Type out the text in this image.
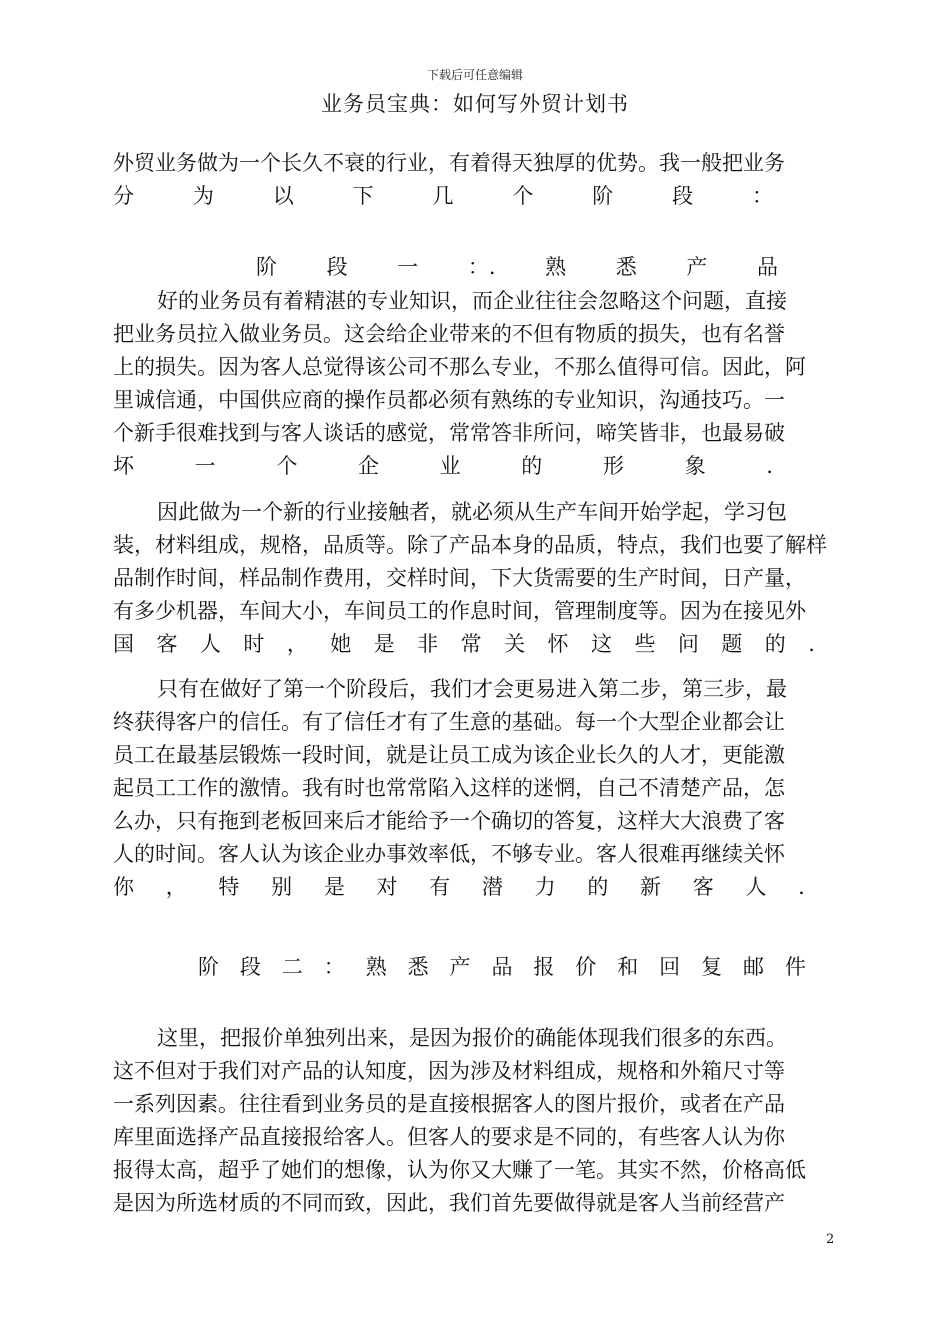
下载后可任意编辑
业务员宝典：如何写外贸计划书
外贸业务做为一个长久不衰的行业，有着得天独厚的优势。我一般把业务
分	为	以	下	几	个	阶	段	：
阶 段 一 ：. 熟 悉 产 品
好的业务员有着精湛的专业知识，而企业往往会忽略这个问题，直接
把业务员拉入做业务员。这会给企业带来的不但有物质的损失，也有名誉
上的损失。因为客人总觉得该公司不那么专业，不那么值得可信。因此，阿
里诚信通，中国供应商的操作员都必须有熟练的专业知识，沟通技巧。一
个新手很难找到与客人谈话的感觉，常常答非所问，啼笑皆非，也最易破
坏	一	个	企	业	的	形	象	.
因此做为一个新的行业接触者，就必须从生产车间开始学起，学习包
装，材料组成，规格，品质等。除了产品本身的品质，特点，我们也要了解样
品制作时间，样品制作费用，交样时间，下大货需要的生产时间，日产量，
有多少机器，车间大小，车间员工的作息时间，管理制度等。因为在接见外
国 客 人 时 ， 她 是 非 常 关 怀 这 些 问 题 的 .
只有在做好了第一个阶段后，我们才会更易进入第二步，第三步，最
终获得客户的信任。有了信任才有了生意的基础。每一个大型企业都会让
员工在最基层锻炼一段时间，就是让员工成为该企业长久的人才，更能激
起员工工作的激情。我有时也常常陷入这样的迷惘，自己不清楚产品，怎
么办，只有拖到老板回来后才能给予一个确切的答复，这样大大浪费了客
人的时间。客人认为该企业办事效率低，不够专业。客人很难再继续关怀
你 ， 特 别 是 对 有 潜 力 的 新 客 人 .
阶 段 二 ： 熟 悉 产 品 报 价 和 回 复 邮 件
这里，把报价单独列出来，是因为报价的确能体现我们很多的东西。
这不但对于我们对产品的认知度，因为涉及材料组成，规格和外箱尺寸等
一系列因素。往往看到业务员的是直接根据客人的图片报价，或者在产品
库里面选择产品直接报给客人。但客人的要求是不同的，有些客人认为你
报得太高，超乎了她们的想像，认为你又大赚了一笔。其实不然，价格高低
是因为所选材质的不同而致，因此，我们首先要做得就是客人当前经营产
2
